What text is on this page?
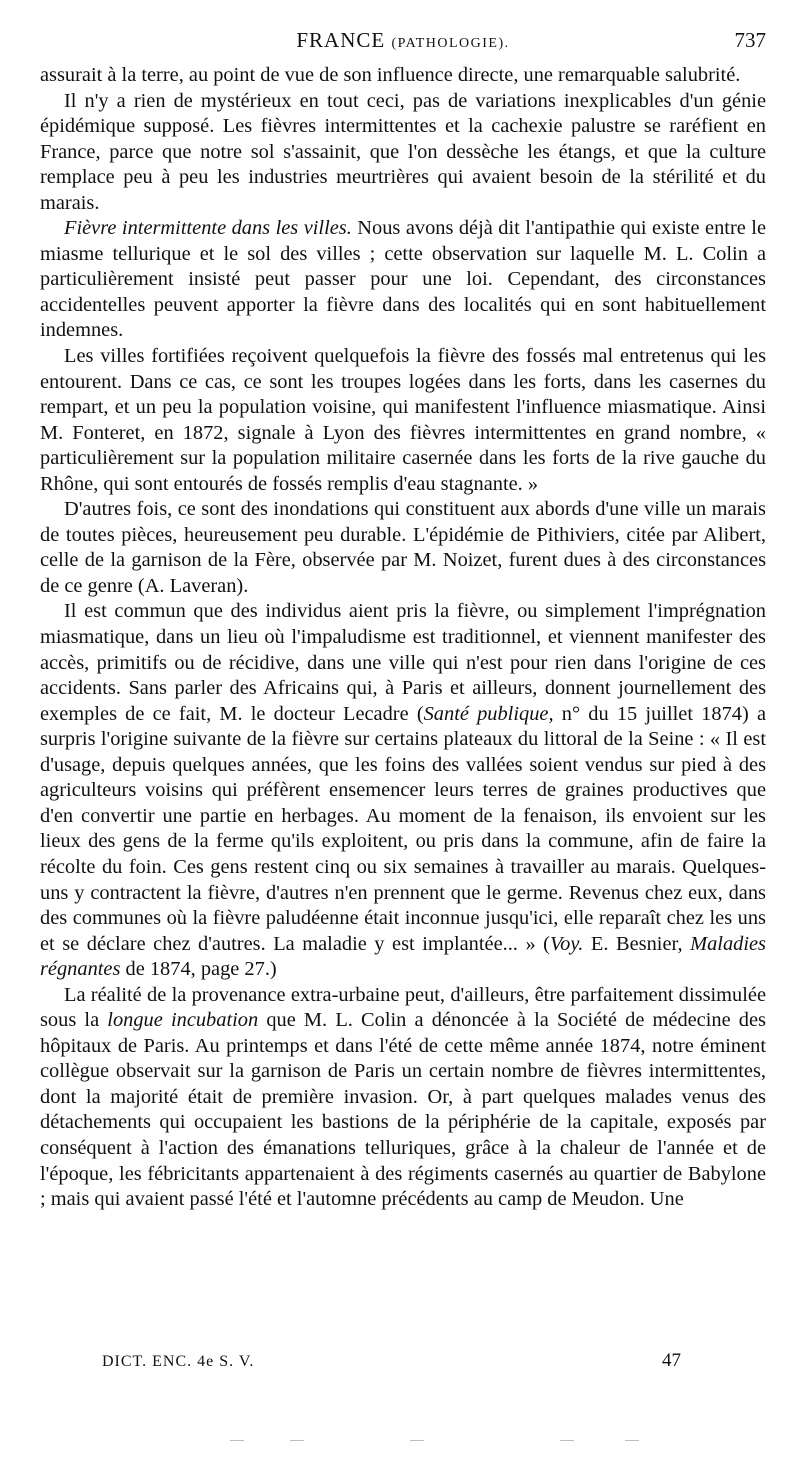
FRANCE (PATHOLOGIE).	737

assurait à la terre, au point de vue de son influence directe, une remarquable salubrité.

Il n'y a rien de mystérieux en tout ceci, pas de variations inexplicables d'un génie épidémique supposé. Les fièvres intermittentes et la cachexie palustre se raréfient en France, parce que notre sol s'assainit, que l'on dessèche les étangs, et que la culture remplace peu à peu les industries meurtrières qui avaient besoin de la stérilité et du marais.

Fièvre intermittente dans les villes. Nous avons déjà dit l'antipathie qui existe entre le miasme tellurique et le sol des villes ; cette observation sur laquelle M. L. Colin a particulièrement insisté peut passer pour une loi. Cependant, des circonstances accidentelles peuvent apporter la fièvre dans des localités qui en sont habituellement indemnes.

Les villes fortifiées reçoivent quelquefois la fièvre des fossés mal entretenus qui les entourent. Dans ce cas, ce sont les troupes logées dans les forts, dans les casernes du rempart, et un peu la population voisine, qui manifestent l'influence miasmatique. Ainsi M. Fonteret, en 1872, signale à Lyon des fièvres intermittentes en grand nombre, « particulièrement sur la population militaire casernée dans les forts de la rive gauche du Rhône, qui sont entourés de fossés remplis d'eau stagnante. »

D'autres fois, ce sont des inondations qui constituent aux abords d'une ville un marais de toutes pièces, heureusement peu durable. L'épidémie de Pithiviers, citée par Alibert, celle de la garnison de la Fère, observée par M. Noizet, furent dues à des circonstances de ce genre (A. Laveran).

Il est commun que des individus aient pris la fièvre, ou simplement l'imprégnation miasmatique, dans un lieu où l'impaludisme est traditionnel, et viennent manifester des accès, primitifs ou de récidive, dans une ville qui n'est pour rien dans l'origine de ces accidents. Sans parler des Africains qui, à Paris et ailleurs, donnent journellement des exemples de ce fait, M. le docteur Lecadre (Santé publique, n° du 15 juillet 1874) a surpris l'origine suivante de la fièvre sur certains plateaux du littoral de la Seine : « Il est d'usage, depuis quelques années, que les foins des vallées soient vendus sur pied à des agriculteurs voisins qui préfèrent ensemencer leurs terres de graines productives que d'en convertir une partie en herbages. Au moment de la fenaison, ils envoient sur les lieux des gens de la ferme qu'ils exploitent, ou pris dans la commune, afin de faire la récolte du foin. Ces gens restent cinq ou six semaines à travailler au marais. Quelques-uns y contractent la fièvre, d'autres n'en prennent que le germe. Revenus chez eux, dans des communes où la fièvre paludéenne était inconnue jusqu'ici, elle reparaît chez les uns et se déclare chez d'autres. La maladie y est implantée... » (Voy. E. Besnier, Maladies régnantes de 1874, page 27.)

La réalité de la provenance extra-urbaine peut, d'ailleurs, être parfaitement dissimulée sous la longue incubation que M. L. Colin a dénoncée à la Société de médecine des hôpitaux de Paris. Au printemps et dans l'été de cette même année 1874, notre éminent collègue observait sur la garnison de Paris un certain nombre de fièvres intermittentes, dont la majorité était de première invasion. Or, à part quelques malades venus des détachements qui occupaient les bastions de la périphérie de la capitale, exposés par conséquent à l'action des émanations telluriques, grâce à la chaleur de l'année et de l'époque, les fébricitants appartenaient à des régiments casernés au quartier de Babylone ; mais qui avaient passé l'été et l'automne précédents au camp de Meudon. Une

DICT. ENC. 4e S. V.	47
